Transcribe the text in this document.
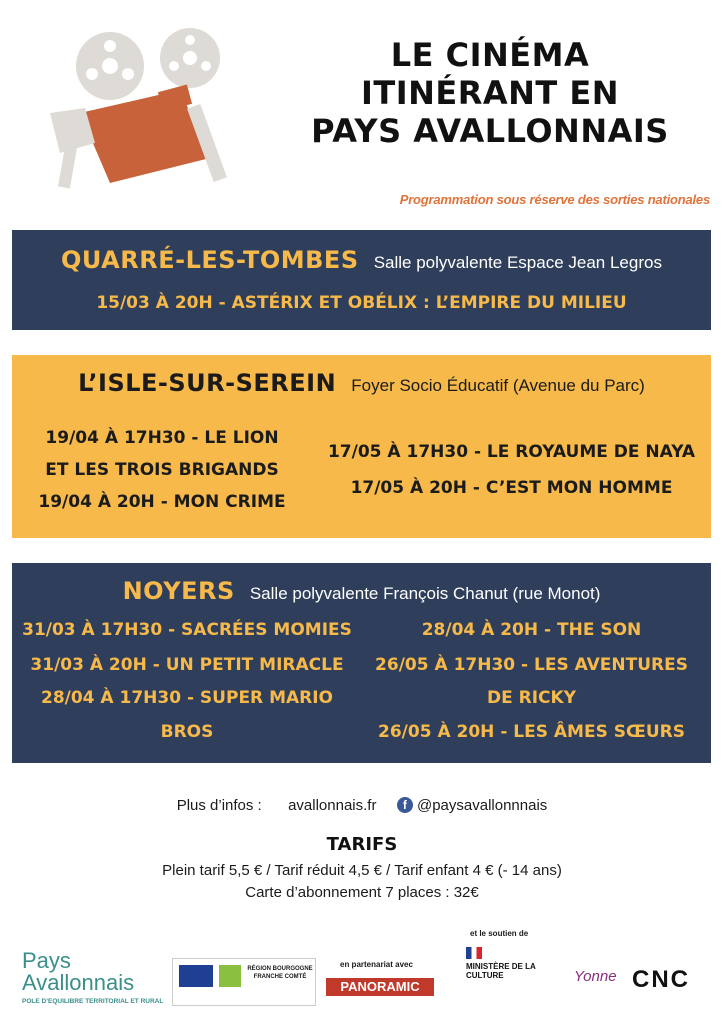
LE CINÉMA
ITINÉRANT EN
PAYS AVALLONNAIS
Programmation sous réserve des sorties nationales
QUARRÉ-LES-TOMBES Salle polyvalente Espace Jean Legros
15/03 À 20H - ASTÉRIX ET OBÉLIX : L’EMPIRE DU MILIEU
L’ISLE-SUR-SEREIN Foyer Socio Éducatif (Avenue du Parc)
19/04 À 17H30 - LE LION
ET LES TROIS BRIGANDS
19/04 À 20H - MON CRIME
17/05 À 17H30 - LE ROYAUME DE NAYA
17/05 À 20H - C’EST MON HOMME
NOYERS Salle polyvalente François Chanut (rue Monot)
31/03 À 17H30 - SACRÉES MOMIES
31/03 À 20H - UN PETIT MIRACLE
28/04 À 17H30 - SUPER MARIO
BROS
28/04 À 20H - THE SON
26/05 À 17H30 - LES AVENTURES
DE RICKY
26/05 À 20H - LES ÂMES SŒURS
Plus d’infos : avallonnais.fr f @paysavallonnnais
TARIFS
Plein tarif 5,5 € / Tarif réduit 4,5 € / Tarif enfant 4 € (- 14 ans)
Carte d’abonnement 7 places : 32€
Pays
Avallonnais
POLE D’EQUILIBRE TERRITORIAL ET RURAL
RÉGION BOURGOGNE FRANCHE COMTÉ
en partenariat avec
PANORAMIC
et le soutien de
MINISTÈRE DE LA CULTURE	Yonne CNC
